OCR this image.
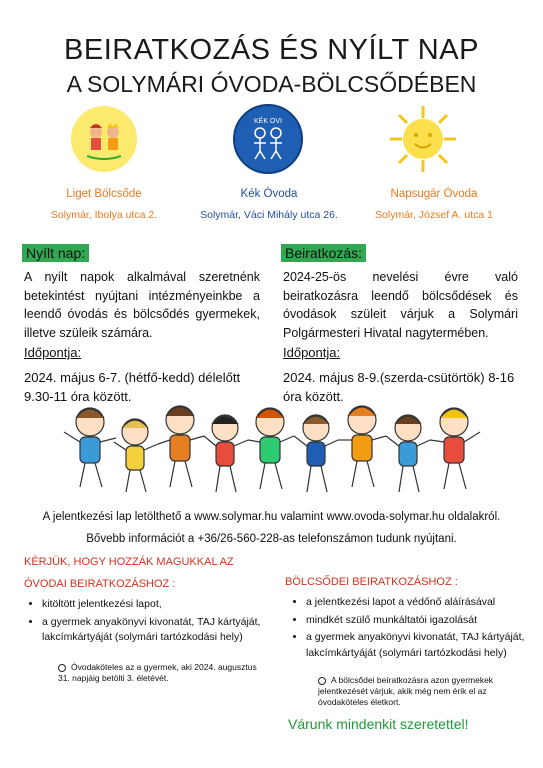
BEIRATKOZÁS ÉS NYÍLT NAP
A SOLYMÁRI ÓVODA-BÖLCSŐDÉBEN
KÉK OVI
Liget Bölcsőde	Kék Óvoda	Napsugár Óvoda
Solymár, Ibolya utca 2.	Solymár, Váci Mihály utca 26.	Solymár, József A. utca 1
Nyílt nap:
A nyílt napok alkalmával szeretnénk betekintést nyújtani intézményeinkbe a leendő óvodás és bölcsődés gyermekek, illetve szüleik számára.
Időpontja:
2024. május 6-7. (hétfő-kedd) délelőtt 9.30-11 óra között.
Beiratkozás:
2024-25-ös nevelési évre való beiratkozásra leendő bölcsődések és óvodások szüleit várjuk a Solymári Polgármesteri Hivatal nagytermében.
Időpontja:
2024. május 8-9.(szerda-csütörtök) 8-16 óra között.
A jelentkezési lap letölthető a www.solymar.hu valamint www.ovoda-solymar.hu oldalakról.
Bővebb információt a +36/26-560-228-as telefonszámon tudunk nyújtani.
KÉRJÜK, HOGY HOZZÁK MAGUKKAL AZ
ÓVODAI BEIRATKOZÁSHOZ :
• kitöltött jelentkezési lapot,
• a gyermek anyakönyvi kivonatát, TAJ kártyáját, lakcímkártyáját (solymári tartózkodási hely)
Óvodaköteles az a gyermek, aki 2024. augusztus 31. napjáig betölti 3. életévét.
BÖLCSŐDEI BEIRATKOZÁSHOZ :
• a jelentkezési lapot a védőnő aláírásával
• mindkét szülő munkáltatói igazolását
• a gyermek anyakönyvi kivonatát, TAJ kártyáját, lakcímkártyáját (solymári tartózkodási hely)
A bölcsődei beíratkozásra azon gyermekek jelentkezését várjuk, akik még nem érik el az óvodaköteles életkort.
Várunk mindenkit szeretettel!
